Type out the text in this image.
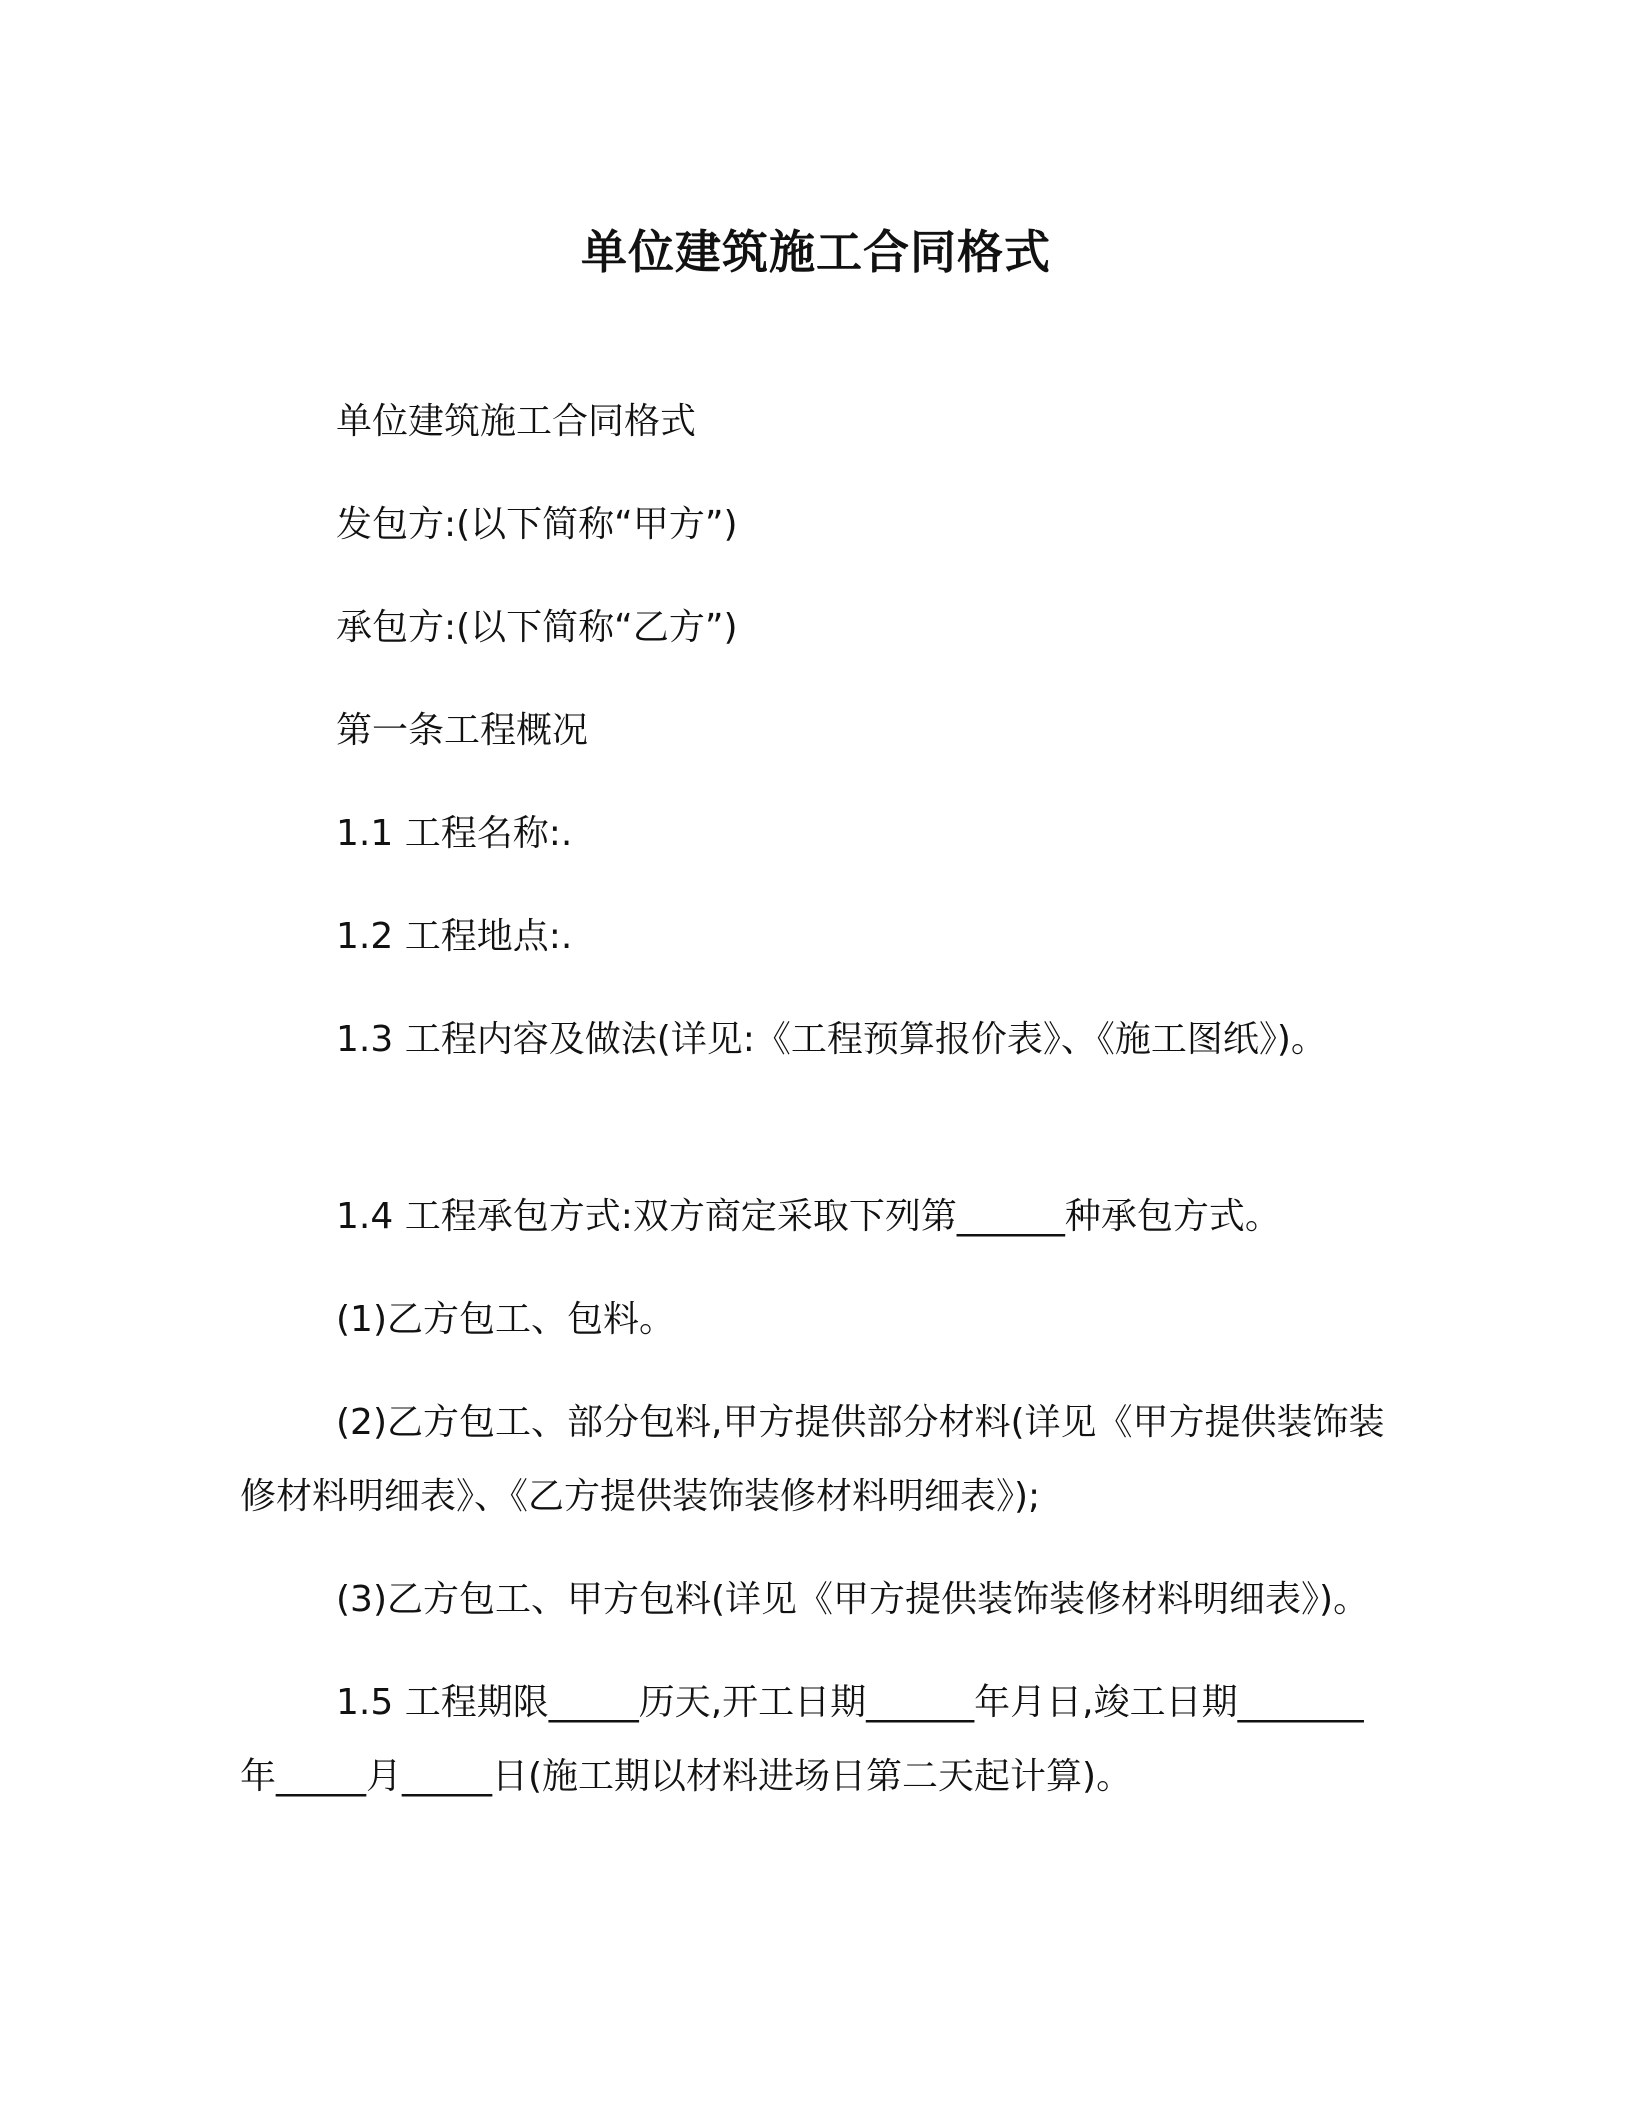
单位建筑施工合同格式
单位建筑施工合同格式
发包方:(以下简称“甲方”)
承包方:(以下简称“乙方”)
第一条工程概况
1.1 工程名称:.
1.2 工程地点:.
1.3 工程内容及做法(详见:《工程预算报价表》、《施工图纸》)。
1.4 工程承包方式:双方商定采取下列第______种承包方式。
(1)乙方包工、包料。
(2)乙方包工、部分包料,甲方提供部分材料(详见《甲方提供装饰装修材料明细表》、《乙方提供装饰装修材料明细表》);
(3)乙方包工、甲方包料(详见《甲方提供装饰装修材料明细表》)。
1.5 工程期限_____历天,开工日期______年月日,竣工日期_______年_____月_____日(施工期以材料进场日第二天起计算)。
